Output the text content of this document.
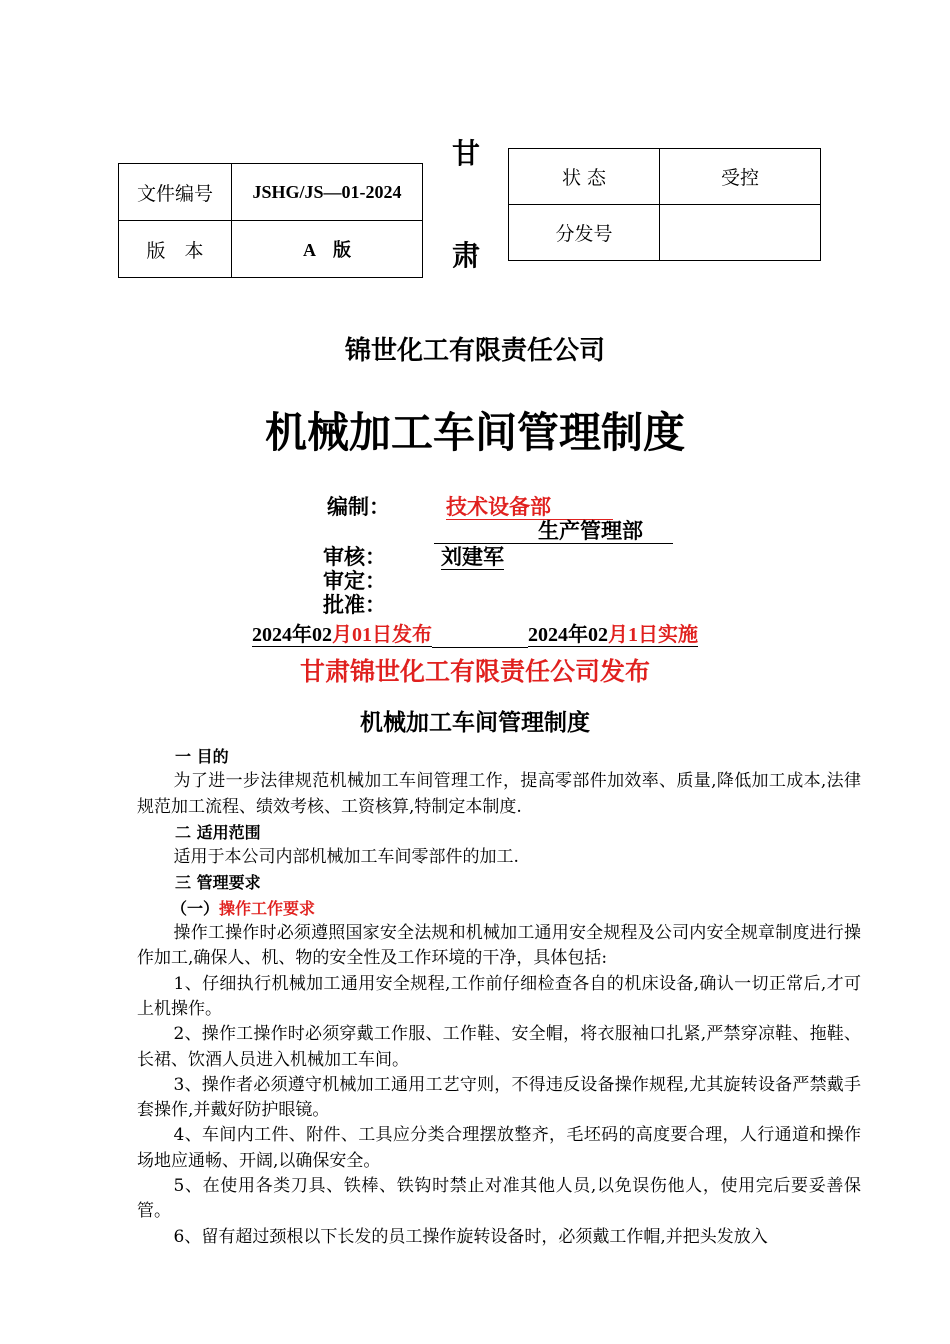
文件编号	JSHG/JS—01-2024
版　本	A　版
甘
肃
状 态	受控
分发号	
锦世化工有限责任公司
机械加工车间管理制度
编制：	技术设备部
生产管理部
审核：	刘建军
审定：
批准：
2024年02月01日发布	2024年02月1日实施
甘肃锦世化工有限责任公司发布
机械加工车间管理制度
一 目的

为了进一步法律规范机械加工车间管理工作，提高零部件加效率、质量,降低加工成本,法律规范加工流程、绩效考核、工资核算,特制定本制度.

二 适用范围

适用于本公司内部机械加工车间零部件的加工.

三 管理要求
（一）操作工作要求

操作工操作时必须遵照国家安全法规和机械加工通用安全规程及公司内安全规章制度进行操作加工,确保人、机、物的安全性及工作环境的干净，具体包括:

1、仔细执行机械加工通用安全规程,工作前仔细检查各自的机床设备,确认一切正常后,才可上机操作。

2、操作工操作时必须穿戴工作服、工作鞋、安全帽，将衣服袖口扎紧,严禁穿凉鞋、拖鞋、长裙、饮酒人员进入机械加工车间。

3、操作者必须遵守机械加工通用工艺守则，不得违反设备操作规程,尤其旋转设备严禁戴手套操作,并戴好防护眼镜。

4、车间内工件、附件、工具应分类合理摆放整齐，毛坯码的高度要合理，人行通道和操作场地应通畅、开阔,以确保安全。

5、在使用各类刀具、铁棒、铁钩时禁止对准其他人员,以免误伤他人，使用完后要妥善保管。

6、留有超过颈根以下长发的员工操作旋转设备时，必须戴工作帽,并把头发放入
